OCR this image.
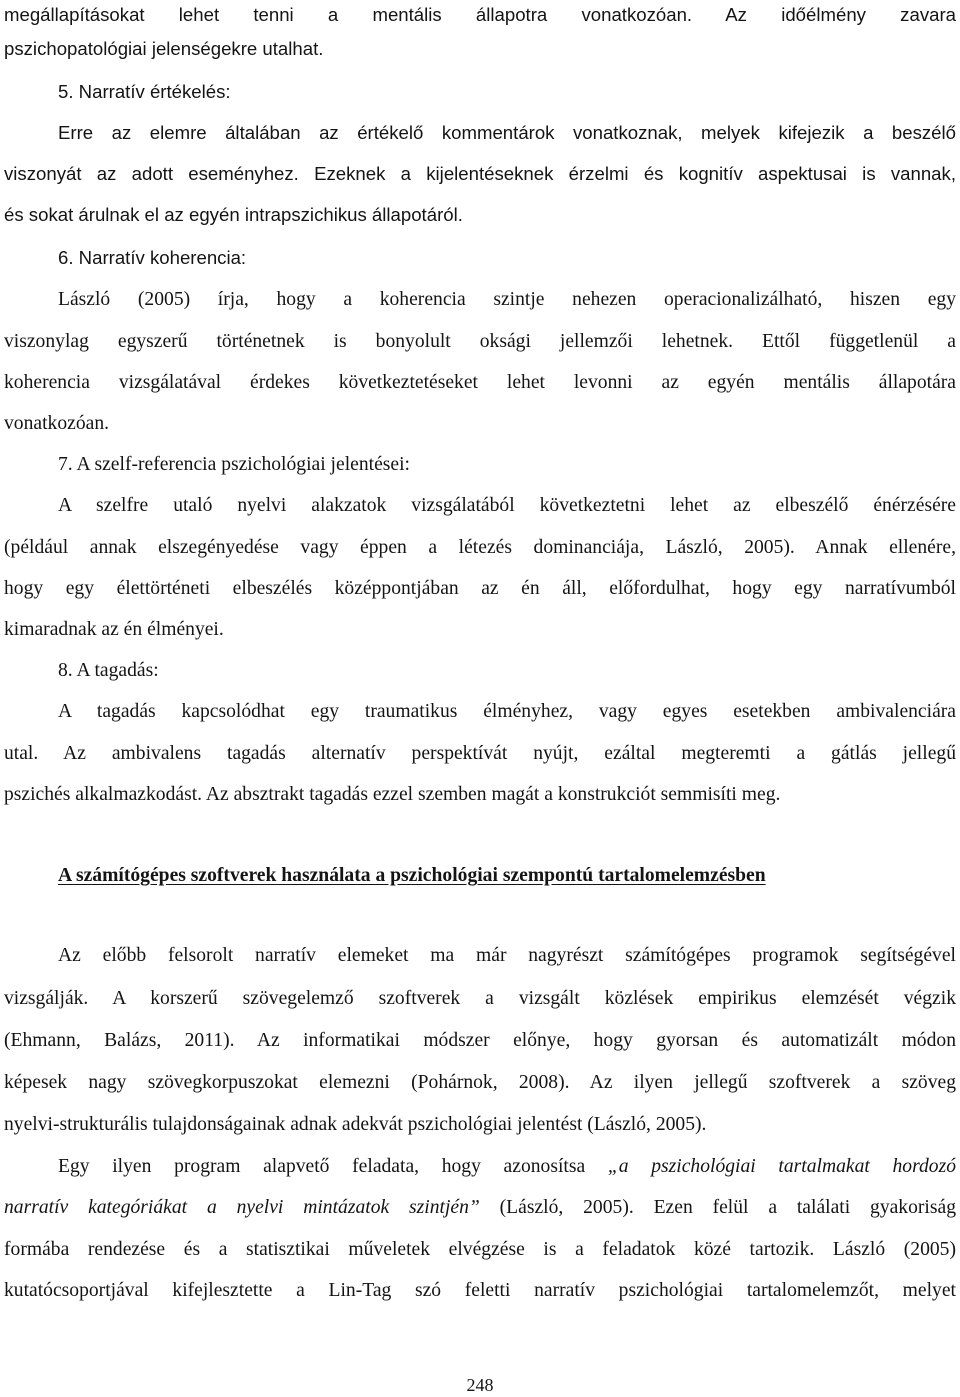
megállapításokat lehet tenni a mentális állapotra vonatkozóan. Az időélmény zavara
pszichopatológiai jelenségekre utalhat.
5. Narratív értékelés:
Erre az elemre általában az értékelő kommentárok vonatkoznak, melyek kifejezik a beszélő
viszonyát az adott eseményhez. Ezeknek a kijelentéseknek érzelmi és kognitív aspektusai is vannak,
és sokat árulnak el az egyén intrapszichikus állapotáról.
6. Narratív koherencia:
László (2005) írja, hogy a koherencia szintje nehezen operacionalizálható, hiszen egy
viszonylag egyszerű történetnek is bonyolult oksági jellemzői lehetnek. Ettől függetlenül a
koherencia vizsgálatával érdekes következtetéseket lehet levonni az egyén mentális állapotára
vonatkozóan.
7. A szelf-referencia pszichológiai jelentései:
A szelfre utaló nyelvi alakzatok vizsgálatából következtetni lehet az elbeszélő énérzésére
(például annak elszegényedése vagy éppen a létezés dominanciája, László, 2005). Annak ellenére,
hogy egy élettörténeti elbeszélés középpontjában az én áll, előfordulhat, hogy egy narratívumból
kimaradnak az én élményei.
8. A tagadás:
A tagadás kapcsolódhat egy traumatikus élményhez, vagy egyes esetekben ambivalenciára
utal. Az ambivalens tagadás alternatív perspektívát nyújt, ezáltal megteremti a gátlás jellegű
pszichés alkalmazkodást. Az absztrakt tagadás ezzel szemben magát a konstrukciót semmisíti meg.
A számítógépes szoftverek használata a pszichológiai szempontú tartalomelemzésben
Az előbb felsorolt narratív elemeket ma már nagyrészt számítógépes programok segítségével
vizsgálják. A korszerű szövegelemző szoftverek a vizsgált közlések empirikus elemzését végzik
(Ehmann, Balázs, 2011). Az informatikai módszer előnye, hogy gyorsan és automatizált módon
képesek nagy szövegkorpuszokat elemezni (Pohárnok, 2008). Az ilyen jellegű szoftverek a szöveg
nyelvi-strukturális tulajdonságainak adnak adekvát pszichológiai jelentést (László, 2005).
Egy ilyen program alapvető feladata, hogy azonosítsa „a pszichológiai tartalmakat hordozó
narratív kategóriákat a nyelvi mintázatok szintjén” (László, 2005). Ezen felül a találati gyakoriság
formába rendezése és a statisztikai műveletek elvégzése is a feladatok közé tartozik. László (2005)
kutatócsoportjával kifejlesztette a Lin-Tag szó feletti narratív pszichológiai tartalomelemzőt, melyet
248
